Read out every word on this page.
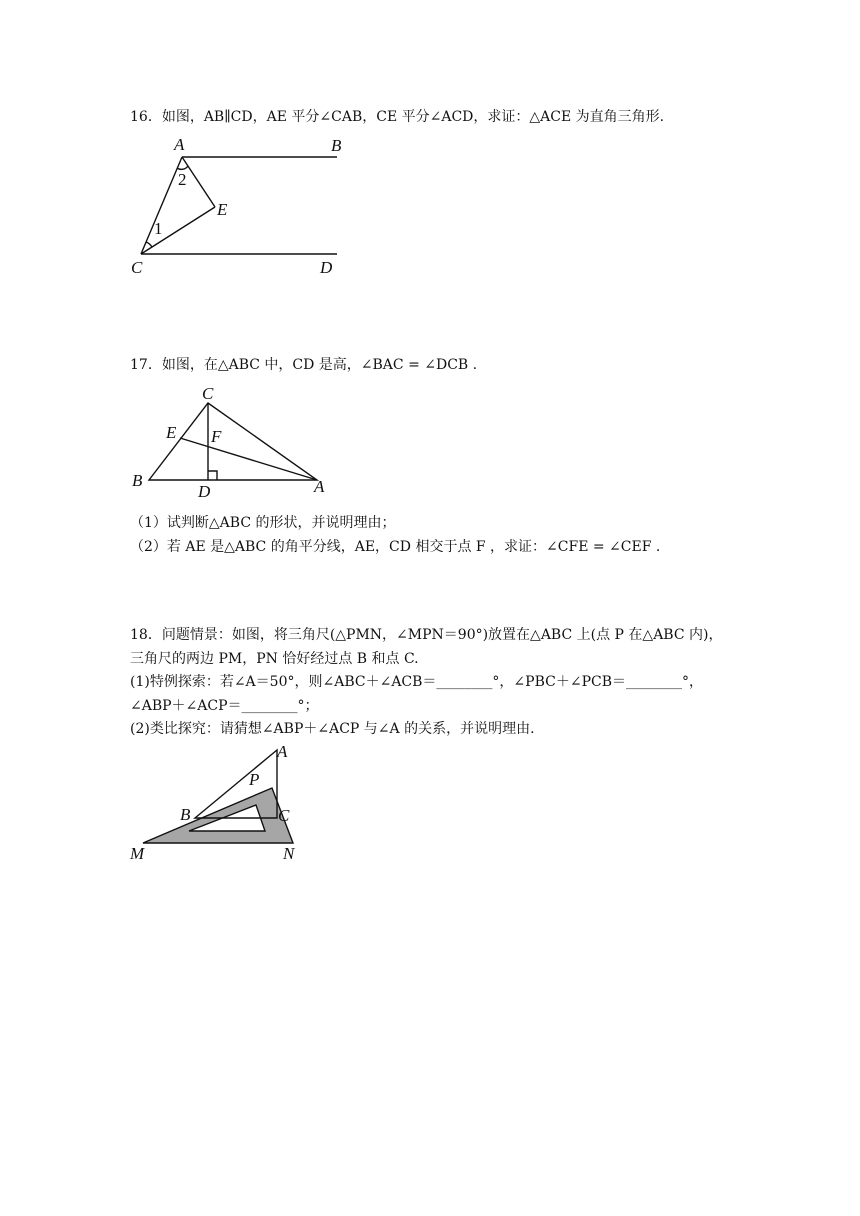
16．如图，AB∥CD，AE 平分∠CAB，CE 平分∠ACD，求证：△ACE 为直角三角形.
A	B
C	D
E
2
1
17．如图，在△ABC 中，CD 是高，∠BAC = ∠DCB .
C
E F
B
D	A
（1）试判断△ABC 的形状，并说明理由；
（2）若 AE 是△ABC 的角平分线，AE，CD 相交于点 F ，求证：∠CFE = ∠CEF .
18．问题情景：如图，将三角尺(△PMN，∠MPN＝90°)放置在△ABC 上(点 P 在△ABC 内)，
三角尺的两边 PM，PN 恰好经过点 B 和点 C.
(1)特例探索：若∠A＝50°，则∠ABC＋∠ACB＝________°，∠PBC＋∠PCB＝________°，
∠ABP＋∠ACP＝________°；
(2)类比探究：请猜想∠ABP＋∠ACP 与∠A 的关系，并说明理由.
A
P
B	C
M	N
